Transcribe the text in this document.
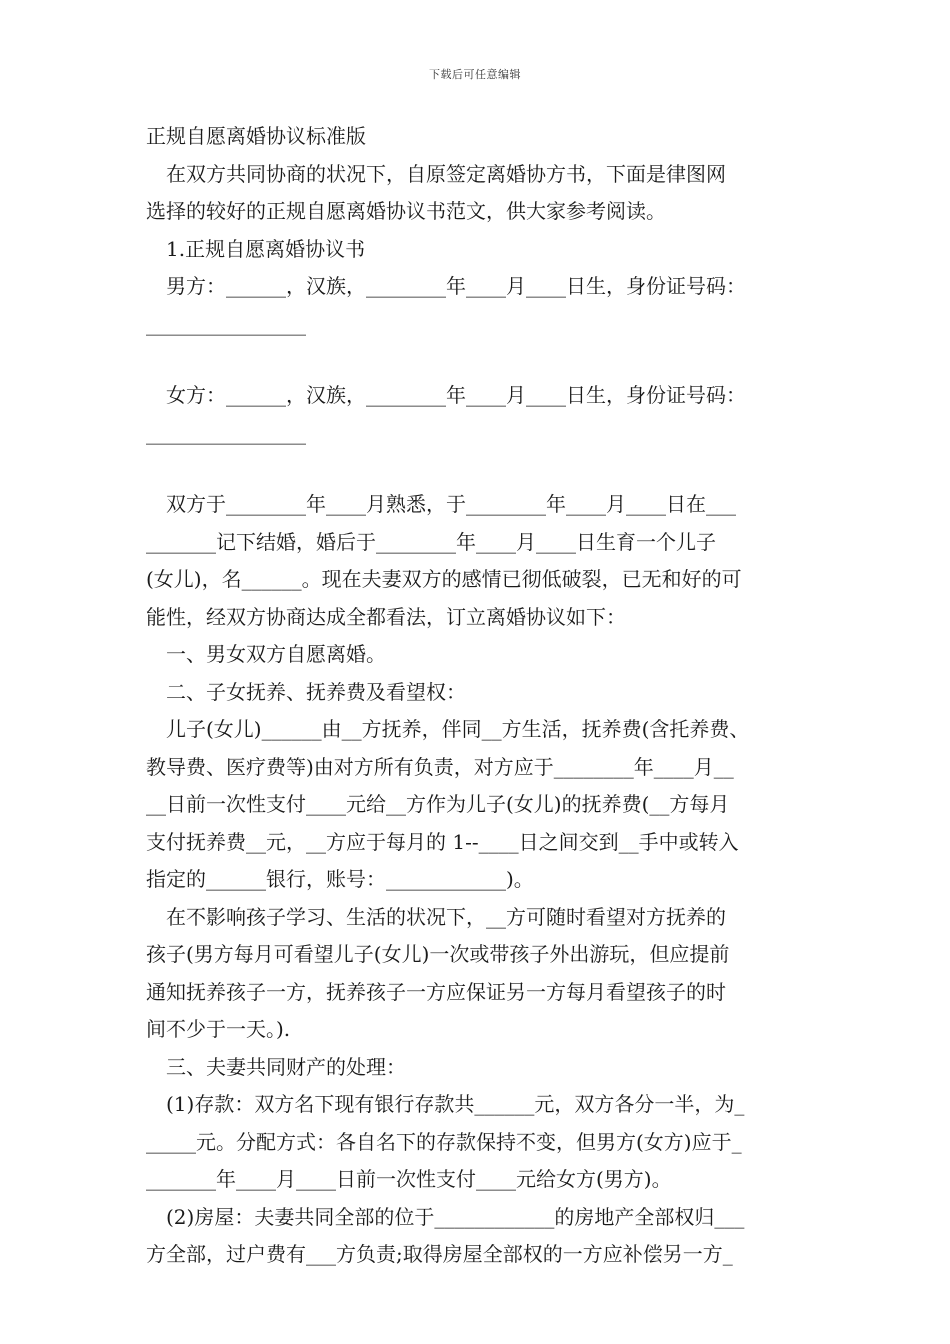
下载后可任意编辑
正规自愿离婚协议标准版
　在双方共同协商的状况下，自原签定离婚协方书，下面是律图网
选择的较好的正规自愿离婚协议书范文，供大家参考阅读。
　1.正规自愿离婚协议书
　男方：______，汉族，________年____月____日生，身份证号码：
________________
　女方：______，汉族，________年____月____日生，身份证号码：
________________
　双方于________年____月熟悉，于________年____月____日在___
_______记下结婚，婚后于________年____月____日生育一个儿子
(女儿)，名______。现在夫妻双方的感情已彻低破裂，已无和好的可
能性，经双方协商达成全都看法，订立离婚协议如下：
　一、男女双方自愿离婚。
　二、子女抚养、抚养费及看望权：
　儿子(女儿)______由__方抚养，伴同__方生活，抚养费(含托养费、
教导费、医疗费等)由对方所有负责，对方应于________年____月__
__日前一次性支付____元给__方作为儿子(女儿)的抚养费(__方每月
支付抚养费__元，__方应于每月的 1--____日之间交到__手中或转入
指定的______银行，账号：____________)。
　在不影响孩子学习、生活的状况下，__方可随时看望对方抚养的
孩子(男方每月可看望儿子(女儿)一次或带孩子外出游玩，但应提前
通知抚养孩子一方，抚养孩子一方应保证另一方每月看望孩子的时
间不少于一天。).
　三、夫妻共同财产的处理：
　(1)存款：双方名下现有银行存款共______元，双方各分一半，为_
_____元。分配方式：各自名下的存款保持不变，但男方(女方)应于_
_______年____月____日前一次性支付____元给女方(男方)。
　(2)房屋：夫妻共同全部的位于____________的房地产全部权归___
方全部，过户费有___方负责;取得房屋全部权的一方应补偿另一方_
